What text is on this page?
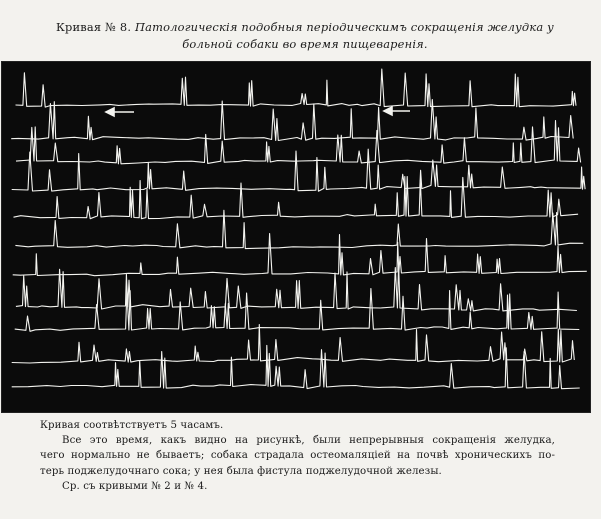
Кривая № 8. Патологическія подобныя періодическимъ сокращенія желудка у больной собаки во время пищеваренія.

Кривая соотвѣтствуетъ 5 часамъ.

Все это время, какъ видно на рисункѣ, были непрерывныя сокращенія желудка,

чего нормально не бываетъ; собака страдала остеомаляціей на почвѣ хроническихъ по-

терь поджелудочнаго сока; у нея была фистула поджелудочной железы.

Ср. съ кривыми № 2 и № 4.
